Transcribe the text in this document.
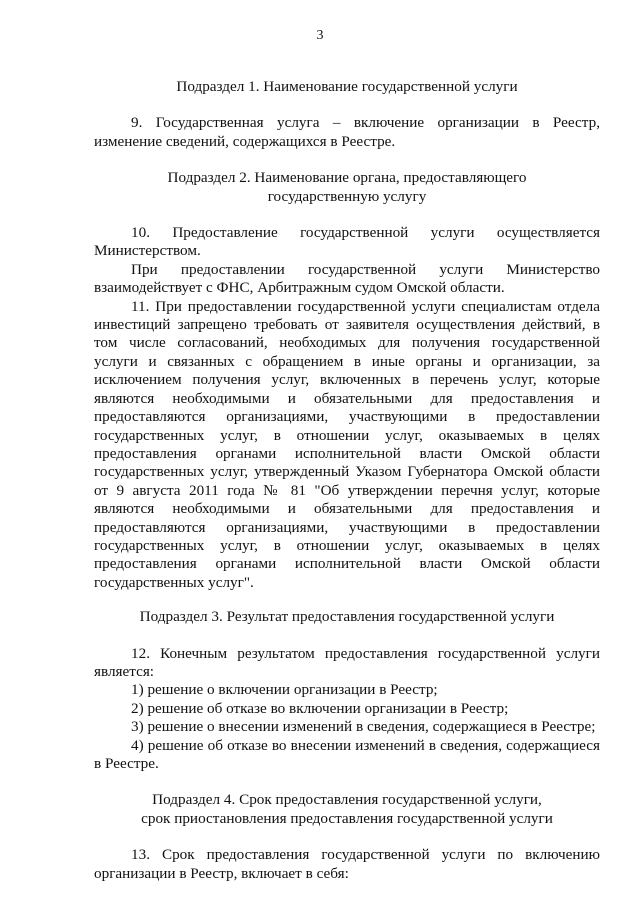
3

Подраздел 1. Наименование государственной услуги

9. Государственная услуга – включение организации в Реестр, изменение сведений, содержащихся в Реестре.

Подраздел 2. Наименование органа, предоставляющего

государственную услугу

10. Предоставление государственной услуги осуществляется Министерством.

При предоставлении государственной услуги Министерство взаимодействует с ФНС, Арбитражным судом Омской области.

11. При предоставлении государственной услуги специалистам отдела инвестиций запрещено требовать от заявителя осуществления действий, в том числе согласований, необходимых для получения государственной услуги и связанных с обращением в иные органы и организации, за исключением получения услуг, включенных в перечень услуг, которые являются необходимыми и обязательными для предоставления и предоставляются организациями, участвующими в предоставлении государственных услуг, в отношении услуг, оказываемых в целях предоставления органами исполнительной власти Омской области государственных услуг, утвержденный Указом Губернатора Омской области от 9 августа 2011 года № 81 "Об утверждении перечня услуг, которые являются необходимыми и обязательными для предоставления и предоставляются организациями, участвующими в предоставлении государственных услуг, в отношении услуг, оказываемых в целях предоставления органами исполнительной власти Омской области государственных услуг".

Подраздел 3. Результат предоставления государственной услуги

12. Конечным результатом предоставления государственной услуги является:

1) решение о включении организации в Реестр;

2) решение об отказе во включении организации в Реестр;

3) решение о внесении изменений в сведения, содержащиеся в Реестре;

4) решение об отказе во внесении изменений в сведения, содержащиеся в Реестре.

Подраздел 4. Срок предоставления государственной услуги,

срок приостановления предоставления государственной услуги

13. Срок предоставления государственной услуги по включению организации в Реестр, включает в себя:
